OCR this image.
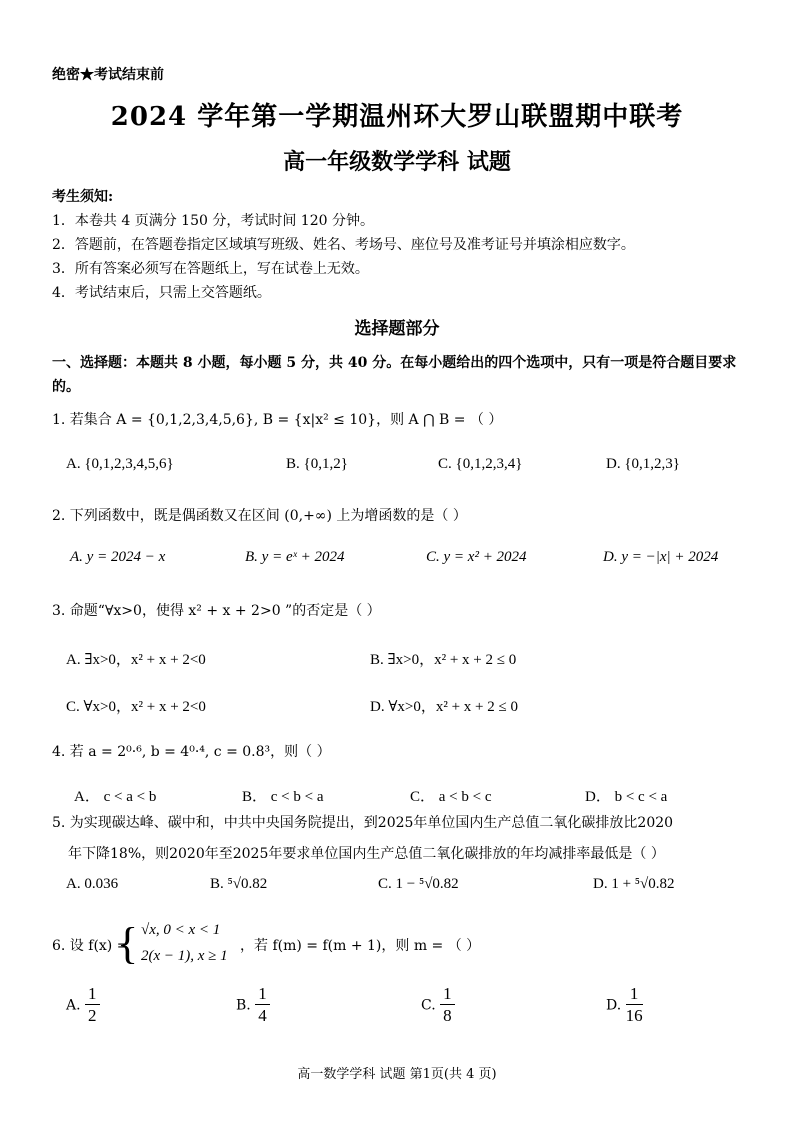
绝密★考试结束前
2024 学年第一学期温州环大罗山联盟期中联考
高一年级数学学科 试题
考生须知:
1．本卷共 4 页满分 150 分，考试时间 120 分钟。
2．答题前，在答题卷指定区域填写班级、姓名、考场号、座位号及准考证号并填涂相应数字。
3．所有答案必须写在答题纸上，写在试卷上无效。
4．考试结束后，只需上交答题纸。
选择题部分
一、选择题：本题共 8 小题，每小题 5 分，共 40 分。在每小题给出的四个选项中，只有一项是符合题目要求的。
1. 若集合 A = {0,1,2,3,4,5,6}, B = {x|x² ≤ 10}，则 A ⋂ B = （ ）
A. {0,1,2,3,4,5,6}	B. {0,1,2}	C. {0,1,2,3,4}	D. {0,1,2,3}
2. 下列函数中，既是偶函数又在区间 (0,+∞) 上为增函数的是（ ）
A. y = 2024 − x	B. y = eˣ + 2024	C. y = x² + 2024	D. y = −|x| + 2024
3. 命题“∀x>0，使得 x² + x + 2>0 ”的否定是（ ）
A. ∃x>0，x² + x + 2<0	B. ∃x>0，x² + x + 2 ≤ 0
C. ∀x>0，x² + x + 2<0	D. ∀x>0，x² + x + 2 ≤ 0
4. 若 a = 2⁰·⁶, b = 4⁰·⁴, c = 0.8³，则（ ）
A． c < a < b	B． c < b < a	C． a < b < c	D． b < c < a
5. 为实现碳达峰、碳中和，中共中央国务院提出，到2025年单位国内生产总值二氧化碳排放比2020
年下降18%，则2020年至2025年要求单位国内生产总值二氧化碳排放的年均减排率最低是（ ）
A. 0.036	B. ⁵√0.82	C. 1 − ⁵√0.82	D. 1 + ⁵√0.82
6. 设 f(x) =
{ √x, 0 < x < 1
2(x − 1), x ≥ 1
，若 f(m) = f(m + 1)，则 m = （ ）
A. $\frac{1}{2}$	B. $\frac{1}{4}$	C. $\frac{1}{8}$	D. $\frac{1}{16}$
高一数学学科 试题 第1页(共 4 页)
